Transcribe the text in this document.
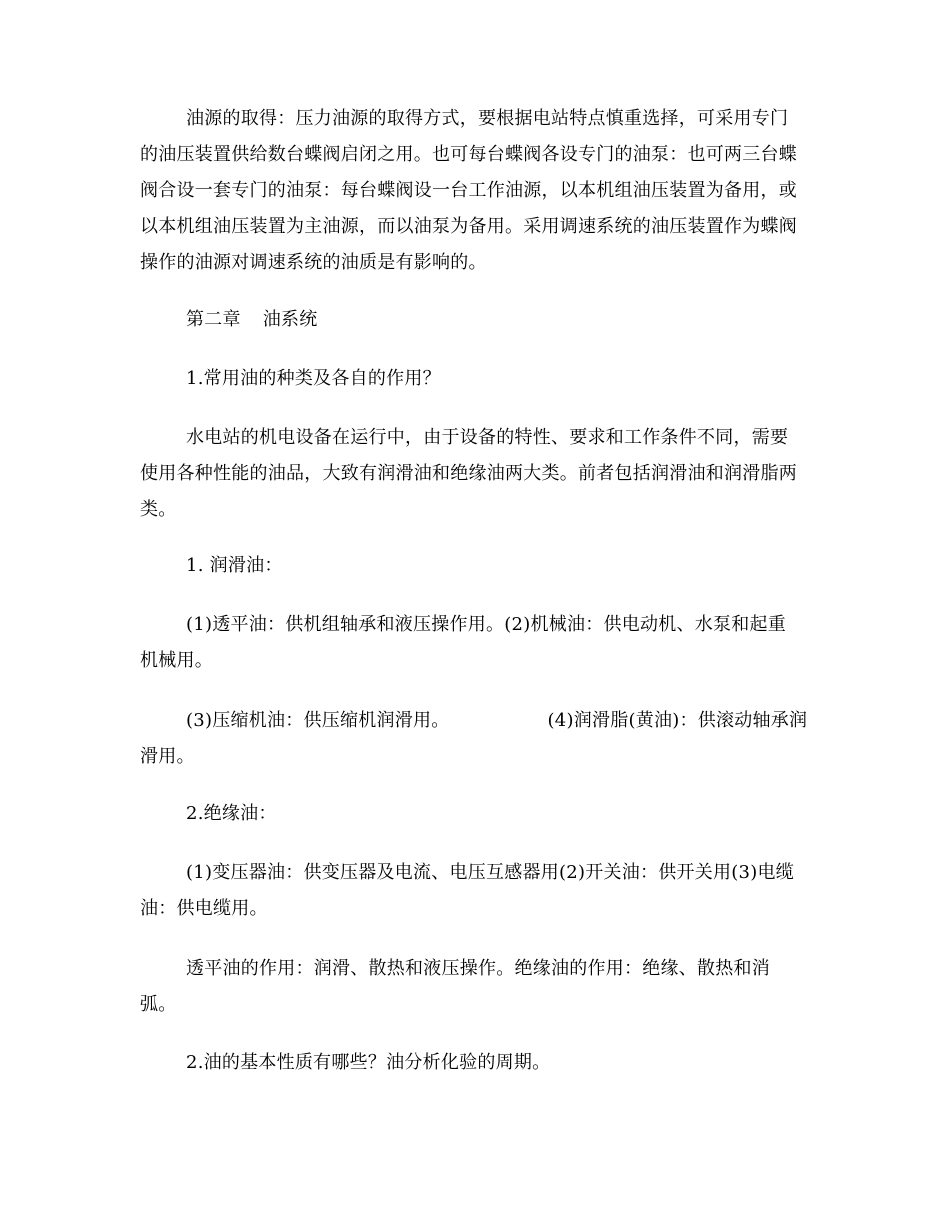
油源的取得：压力油源的取得方式，要根据电站特点慎重选择，可采用专门
的油压装置供给数台蝶阀启闭之用。也可每台蝶阀各设专门的油泵：也可两三台蝶
阀合设一套专门的油泵：每台蝶阀设一台工作油源，以本机组油压装置为备用，或
以本机组油压装置为主油源，而以油泵为备用。采用调速系统的油压装置作为蝶阀
操作的油源对调速系统的油质是有影响的。
第二章 油系统
1.常用油的种类及各自的作用？
水电站的机电设备在运行中，由于设备的特性、要求和工作条件不同，需要
使用各种性能的油品，大致有润滑油和绝缘油两大类。前者包括润滑油和润滑脂两
类。
1. 润滑油：
(1)透平油：供机组轴承和液压操作用。(2)机械油：供电动机、水泵和起重
机械用。
(3)压缩机油：供压缩机润滑用。	(4)润滑脂(黄油)：供滚动轴承润
滑用。
2.绝缘油：
(1)变压器油：供变压器及电流、电压互感器用(2)开关油：供开关用(3)电缆
油：供电缆用。
透平油的作用：润滑、散热和液压操作。绝缘油的作用：绝缘、散热和消
弧。
2.油的基本性质有哪些？油分析化验的周期。
